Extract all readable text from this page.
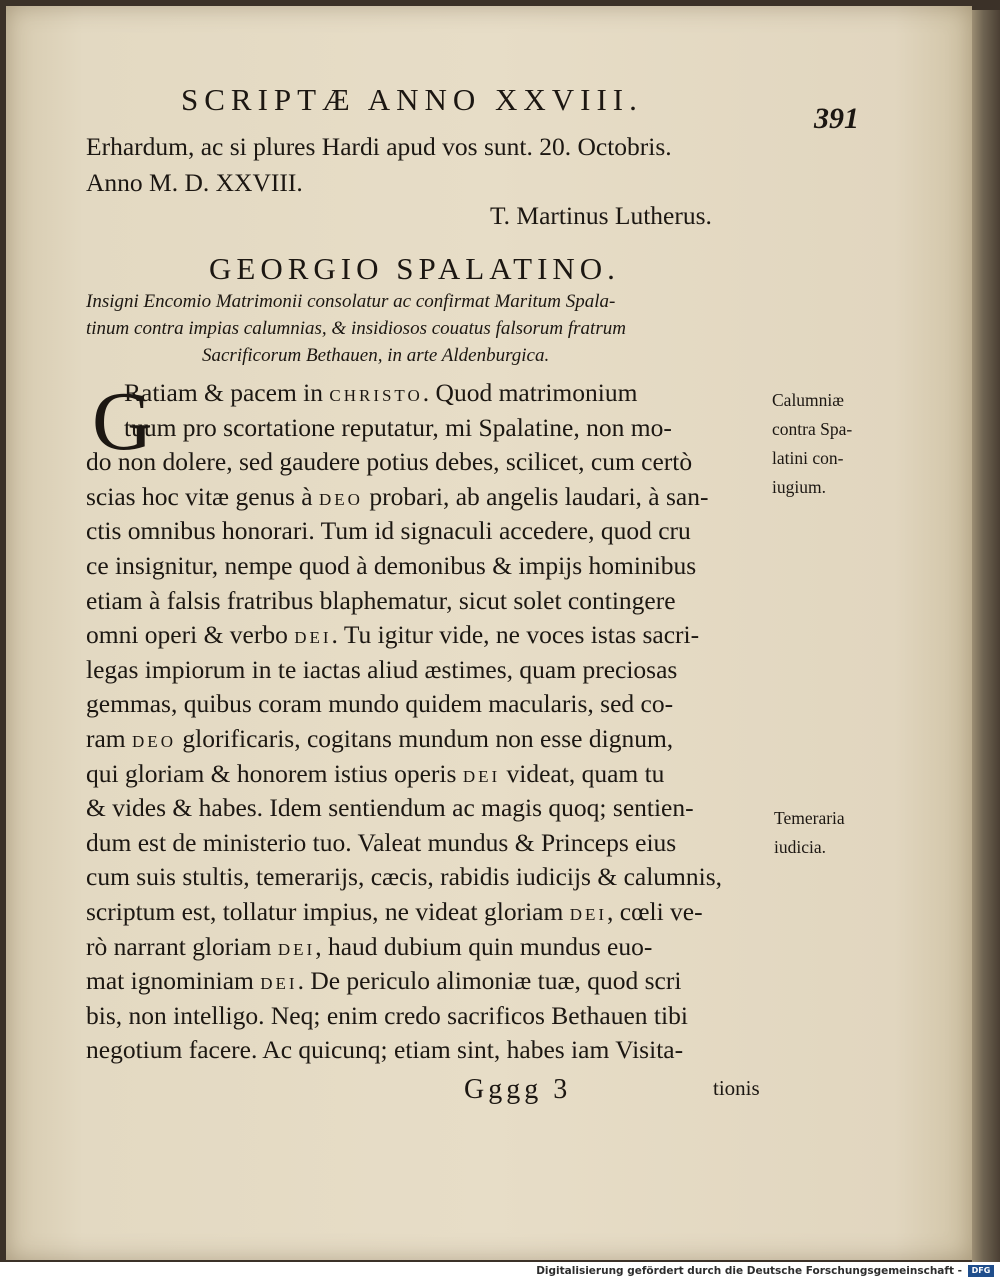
SCRIPTÆ ANNO XXVIII.
391
Erhardum, ac si plures Hardi apud vos sunt. 20. Octobris.
Anno M. D. XXVIII.
T. Martinus Lutherus.
GEORGIO SPALATINO.
Insigni Encomio Matrimonii consolatur ac confirmat Maritum Spala-
tinum contra impias calumnias, & insidiosos couatus falsorum fratrum
Sacrificorum Bethauen, in arte Aldenburgica.
G
Ratiam & pacem in CHRISTO. Quod matrimonium
tuum pro scortatione reputatur, mi Spalatine, non mo-
do non dolere, sed gaudere potius debes, scilicet, cum certò
scias hoc vitæ genus à DEO probari, ab angelis laudari, à san-
ctis omnibus honorari. Tum id signaculi accedere, quod cru
ce insignitur, nempe quod à demonibus & impijs hominibus
etiam à falsis fratribus blaphematur, sicut solet contingere
omni operi & verbo DEI. Tu igitur vide, ne voces istas sacri-
legas impiorum in te iactas aliud æstimes, quam preciosas
gemmas, quibus coram mundo quidem macularis, sed co-
ram DEO glorificaris, cogitans mundum non esse dignum,
qui gloriam & honorem istius operis DEI videat, quam tu
& vides & habes. Idem sentiendum ac magis quoq; sentien-
dum est de ministerio tuo. Valeat mundus & Princeps eius
cum suis stultis, temerarijs, cæcis, rabidis iudicijs & calumnis,
scriptum est, tollatur impius, ne videat gloriam DEI, cœli ve-
rò narrant gloriam DEI, haud dubium quin mundus euo-
mat ignominiam DEI. De periculo alimoniæ tuæ, quod scri
bis, non intelligo. Neq; enim credo sacrificos Bethauen tibi
negotium facere. Ac quicunq; etiam sint, habes iam Visita-
Calumniæ
contra Spa-
latini con-
iugium.
Temeraria
iudicia.
Gggg 3	tionis
Digitalisierung gefördert durch die Deutsche Forschungsgemeinschaft -	DFG
